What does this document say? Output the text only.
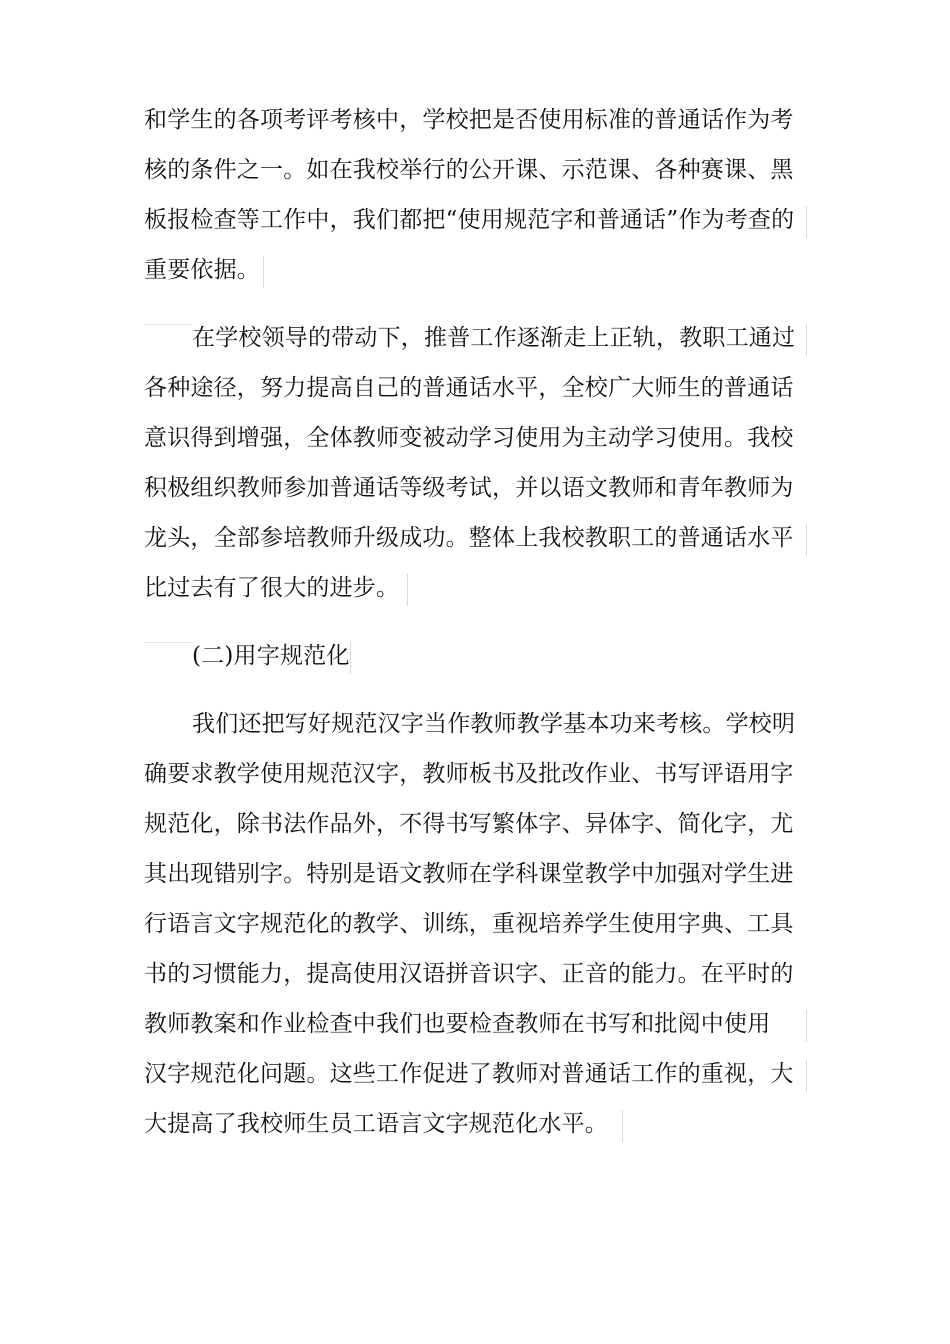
和学生的各项考评考核中，学校把是否使用标准的普通话作为考
核的条件之一。如在我校举行的公开课、示范课、各种赛课、黑
板报检查等工作中，我们都把“使用规范字和普通话”作为考查的
重要依据。
在学校领导的带动下，推普工作逐渐走上正轨，教职工通过
各种途径，努力提高自己的普通话水平，全校广大师生的普通话
意识得到增强，全体教师变被动学习使用为主动学习使用。我校
积极组织教师参加普通话等级考试，并以语文教师和青年教师为
龙头，全部参培教师升级成功。整体上我校教职工的普通话水平
比过去有了很大的进步。
(二)用字规范化
我们还把写好规范汉字当作教师教学基本功来考核。学校明
确要求教学使用规范汉字，教师板书及批改作业、书写评语用字
规范化，除书法作品外，不得书写繁体字、异体字、简化字，尤
其出现错别字。特别是语文教师在学科课堂教学中加强对学生进
行语言文字规范化的教学、训练，重视培养学生使用字典、工具
书的习惯能力，提高使用汉语拼音识字、正音的能力。在平时的
教师教案和作业检查中我们也要检查教师在书写和批阅中使用
汉字规范化问题。这些工作促进了教师对普通话工作的重视，大
大提高了我校师生员工语言文字规范化水平。
